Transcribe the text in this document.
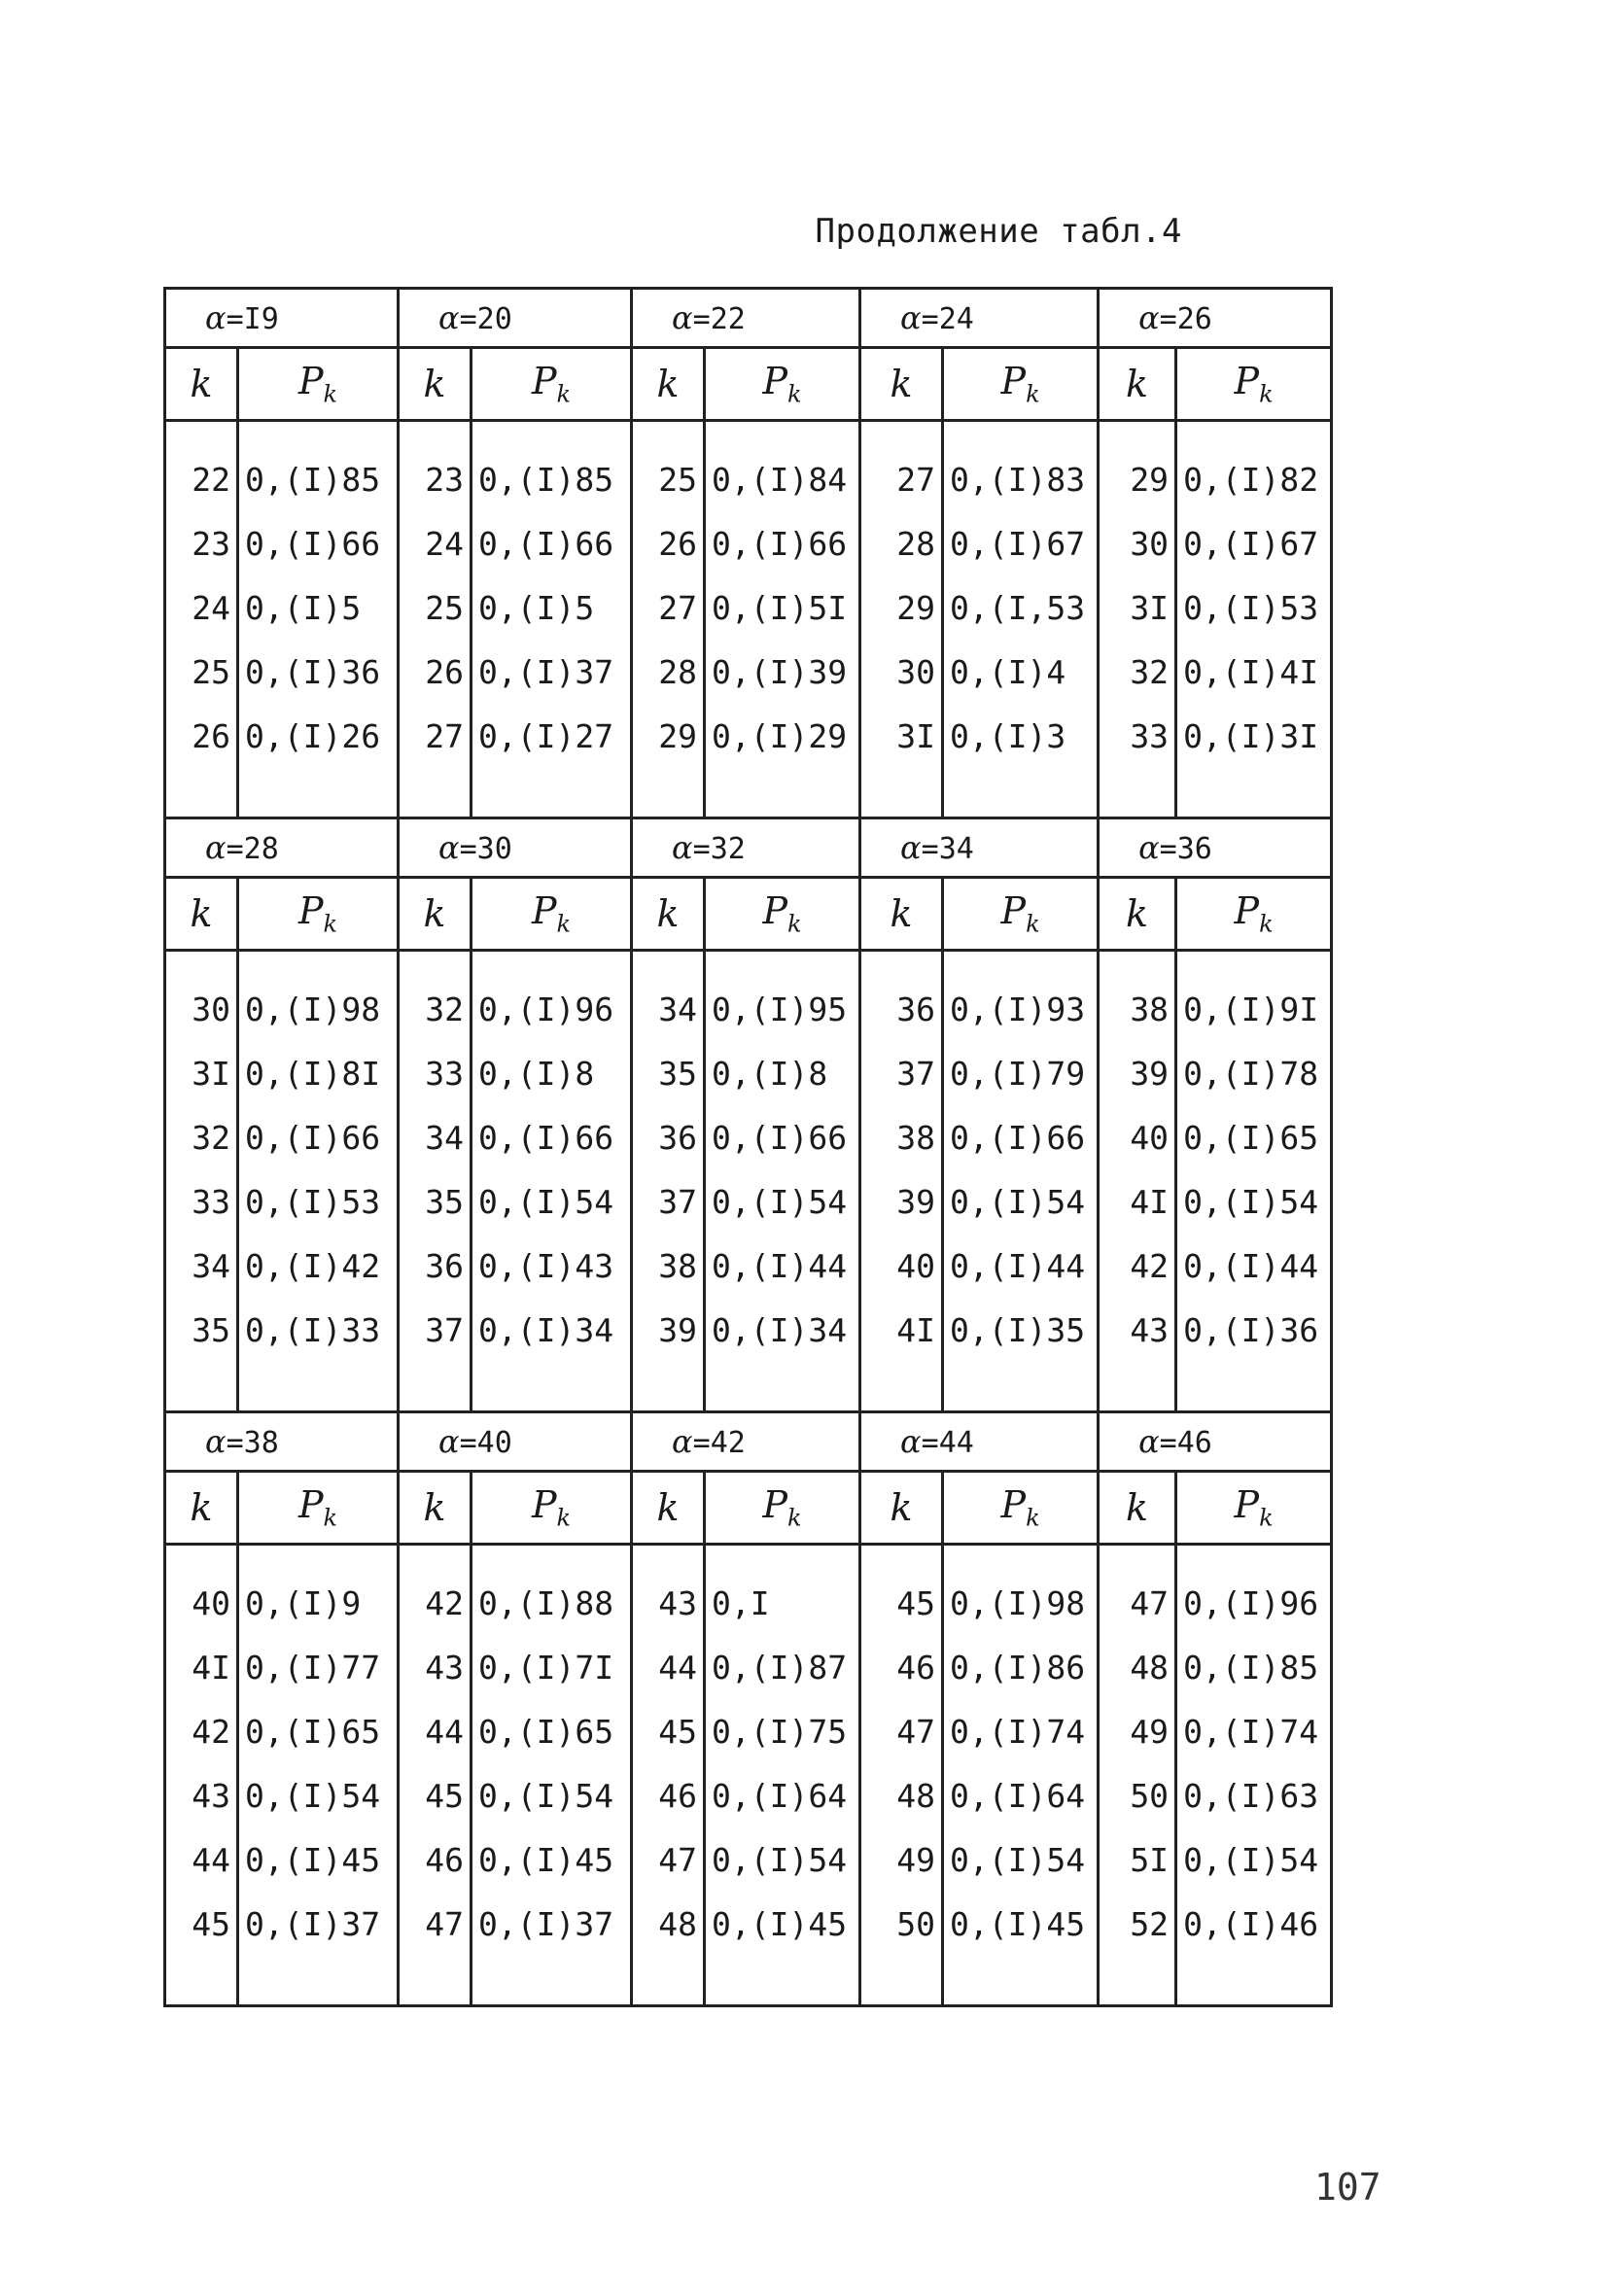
Продолжение табл.4
α=I9		α=20		α=22		α=24		α=26	
k	$P_k$	k	$P_k$	k	$P_k$	k	$P_k$	k	$P_k$

22	0,(I)85	23	0,(I)85	25	0,(I)84	27	0,(I)83	29	0,(I)82
23	0,(I)66	24	0,(I)66	26	0,(I)66	28	0,(I)67	30	0,(I)67
24	0,(I)5	25	0,(I)5	27	0,(I)5I	29	0,(I,53	3I	0,(I)53
25	0,(I)36	26	0,(I)37	28	0,(I)39	30	0,(I)4	32	0,(I)4I
26	0,(I)26	27	0,(I)27	29	0,(I)29	3I	0,(I)3	33	0,(I)3I

α=28		α=30		α=32		α=34		α=36	
k	$P_k$	k	$P_k$	k	$P_k$	k	$P_k$	k	$P_k$

30	0,(I)98	32	0,(I)96	34	0,(I)95	36	0,(I)93	38	0,(I)9I
3I	0,(I)8I	33	0,(I)8	35	0,(I)8	37	0,(I)79	39	0,(I)78
32	0,(I)66	34	0,(I)66	36	0,(I)66	38	0,(I)66	40	0,(I)65
33	0,(I)53	35	0,(I)54	37	0,(I)54	39	0,(I)54	4I	0,(I)54
34	0,(I)42	36	0,(I)43	38	0,(I)44	40	0,(I)44	42	0,(I)44
35	0,(I)33	37	0,(I)34	39	0,(I)34	4I	0,(I)35	43	0,(I)36

α=38		α=40		α=42		α=44		α=46	
k	$P_k$	k	$P_k$	k	$P_k$	k	$P_k$	k	$P_k$

40	0,(I)9	42	0,(I)88	43	0,I	45	0,(I)98	47	0,(I)96
4I	0,(I)77	43	0,(I)7I	44	0,(I)87	46	0,(I)86	48	0,(I)85
42	0,(I)65	44	0,(I)65	45	0,(I)75	47	0,(I)74	49	0,(I)74
43	0,(I)54	45	0,(I)54	46	0,(I)64	48	0,(I)64	50	0,(I)63
44	0,(I)45	46	0,(I)45	47	0,(I)54	49	0,(I)54	5I	0,(I)54
45	0,(I)37	47	0,(I)37	48	0,(I)45	50	0,(I)45	52	0,(I)46

107
